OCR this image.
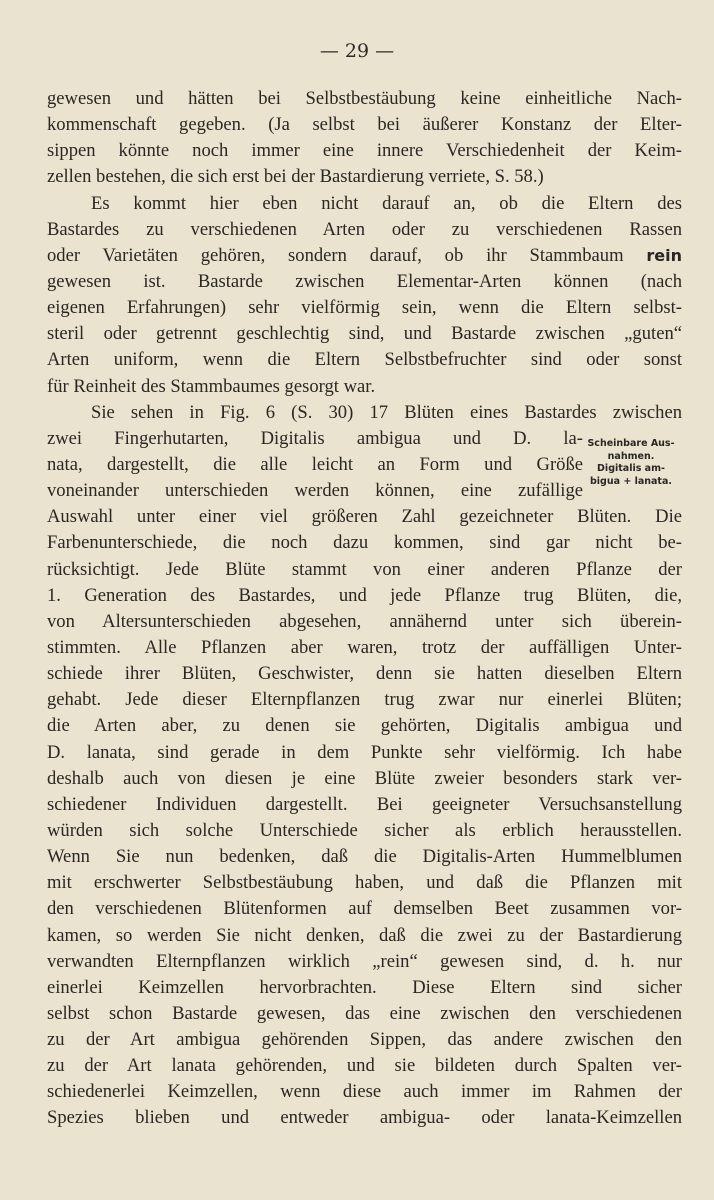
— 29 —
gewesen und hätten bei Selbstbestäubung keine einheitliche Nach-
kommenschaft gegeben. (Ja selbst bei äußerer Konstanz der Elter-
sippen könnte noch immer eine innere Verschiedenheit der Keim-
zellen bestehen, die sich erst bei der Bastardierung verriete, S. 58.)
Es kommt hier eben nicht darauf an, ob die Eltern des
Bastardes zu verschiedenen Arten oder zu verschiedenen Rassen
oder Varietäten gehören, sondern darauf, ob ihr Stammbaum rein
gewesen ist. Bastarde zwischen Elementar-Arten können (nach
eigenen Erfahrungen) sehr vielförmig sein, wenn die Eltern selbst-
steril oder getrennt geschlechtig sind, und Bastarde zwischen „guten“
Arten uniform, wenn die Eltern Selbstbefruchter sind oder sonst
für Reinheit des Stammbaumes gesorgt war.
Sie sehen in Fig. 6 (S. 30) 17 Blüten eines Bastardes zwischen
zwei Fingerhutarten, Digitalis ambigua und D. la-
nata, dargestellt, die alle leicht an Form und Größe
voneinander unterschieden werden können, eine zufällige
Auswahl unter einer viel größeren Zahl gezeichneter Blüten. Die
Farbenunterschiede, die noch dazu kommen, sind gar nicht be-
rücksichtigt. Jede Blüte stammt von einer anderen Pflanze der
1. Generation des Bastardes, und jede Pflanze trug Blüten, die,
von Altersunterschieden abgesehen, annähernd unter sich überein-
stimmten. Alle Pflanzen aber waren, trotz der auffälligen Unter-
schiede ihrer Blüten, Geschwister, denn sie hatten dieselben Eltern
gehabt. Jede dieser Elternpflanzen trug zwar nur einerlei Blüten;
die Arten aber, zu denen sie gehörten, Digitalis ambigua und
D. lanata, sind gerade in dem Punkte sehr vielförmig. Ich habe
deshalb auch von diesen je eine Blüte zweier besonders stark ver-
schiedener Individuen dargestellt. Bei geeigneter Versuchsanstellung
würden sich solche Unterschiede sicher als erblich herausstellen.
Wenn Sie nun bedenken, daß die Digitalis-Arten Hummelblumen
mit erschwerter Selbstbestäubung haben, und daß die Pflanzen mit
den verschiedenen Blütenformen auf demselben Beet zusammen vor-
kamen, so werden Sie nicht denken, daß die zwei zu der Bastardierung
verwandten Elternpflanzen wirklich „rein“ gewesen sind, d. h. nur
einerlei Keimzellen hervorbrachten. Diese Eltern sind sicher
selbst schon Bastarde gewesen, das eine zwischen den verschiedenen
zu der Art ambigua gehörenden Sippen, das andere zwischen den
zu der Art lanata gehörenden, und sie bildeten durch Spalten ver-
schiedenerlei Keimzellen, wenn diese auch immer im Rahmen der
Spezies blieben und entweder ambigua- oder lanata-Keimzellen
Scheinbare Aus-
nahmen.
Digitalis am-
bigua + lanata.
